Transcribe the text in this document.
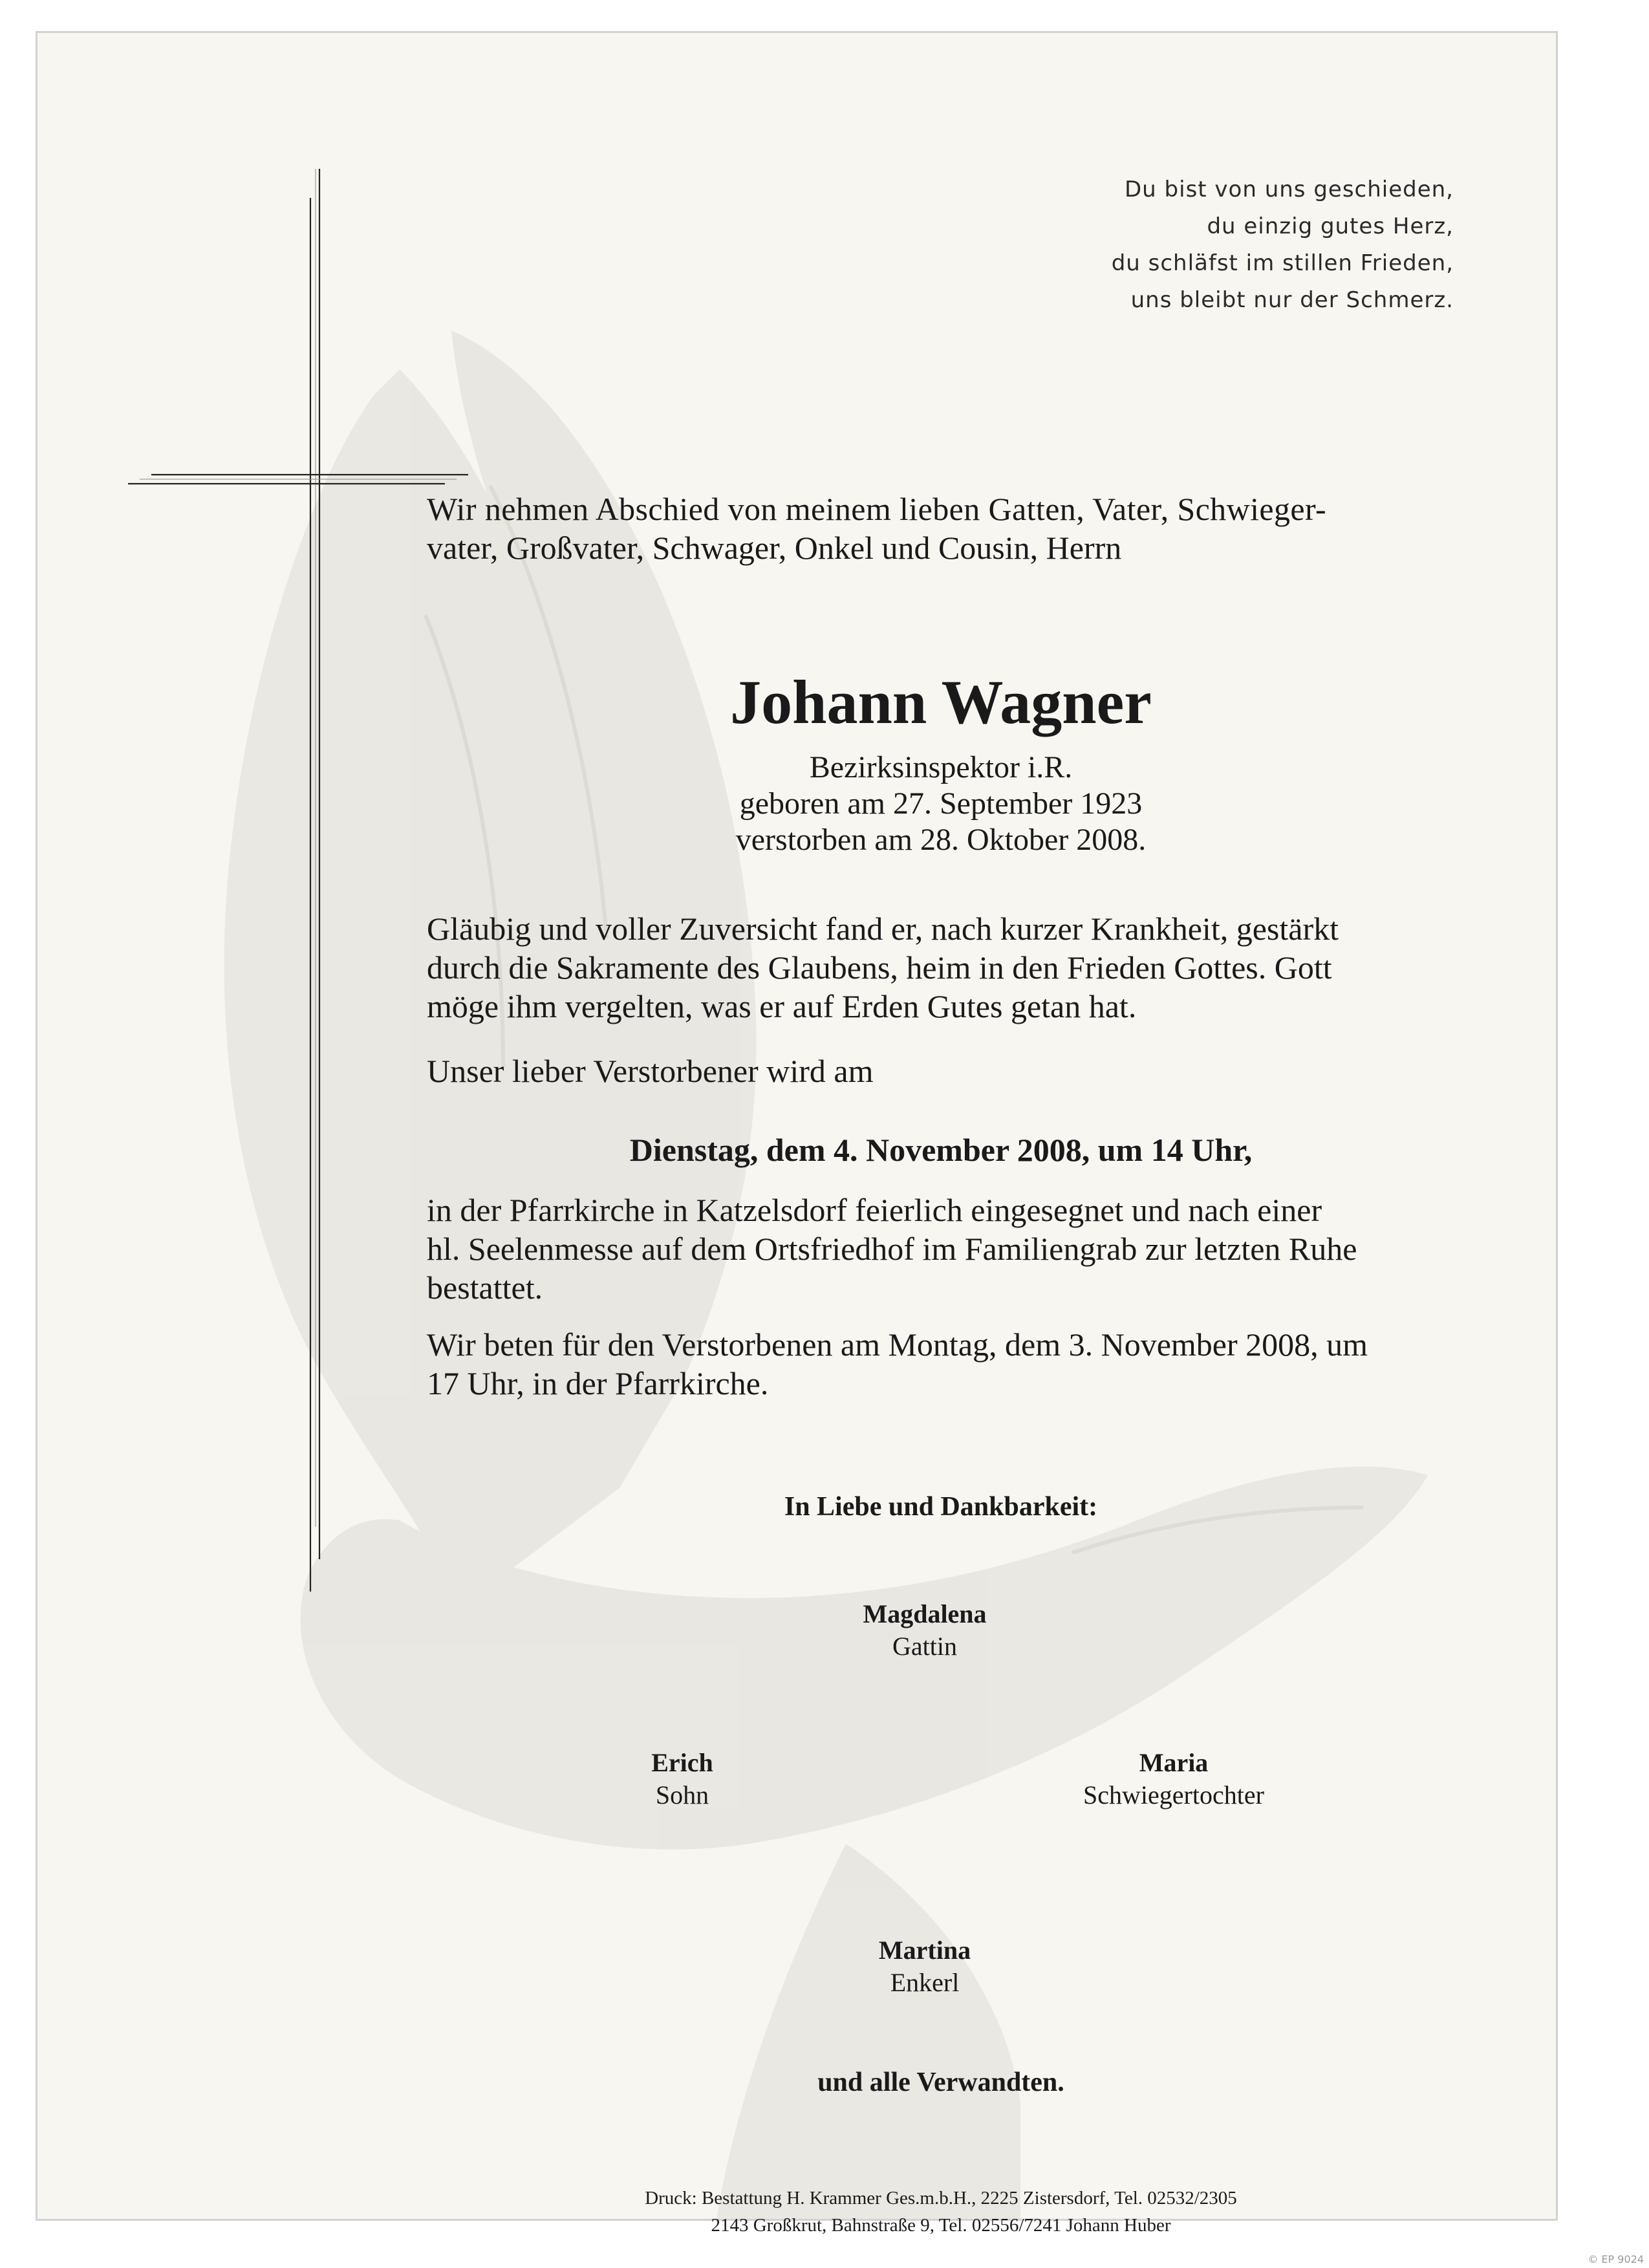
Du bist von uns geschieden,
du einzig gutes Herz,
du schläfst im stillen Frieden,
uns bleibt nur der Schmerz.
Wir nehmen Abschied von meinem lieben Gatten, Vater, Schwieger-
vater, Großvater, Schwager, Onkel und Cousin, Herrn
Johann Wagner
Bezirksinspektor i.R.
geboren am 27. September 1923
verstorben am 28. Oktober 2008.
Gläubig und voller Zuversicht fand er, nach kurzer Krankheit, gestärkt
durch die Sakramente des Glaubens, heim in den Frieden Gottes. Gott
möge ihm vergelten, was er auf Erden Gutes getan hat.
Unser lieber Verstorbener wird am
Dienstag, dem 4. November 2008, um 14 Uhr,
in der Pfarrkirche in Katzelsdorf feierlich eingesegnet und nach einer
hl. Seelenmesse auf dem Ortsfriedhof im Familiengrab zur letzten Ruhe
bestattet.
Wir beten für den Verstorbenen am Montag, dem 3. November 2008, um
17 Uhr, in der Pfarrkirche.
In Liebe und Dankbarkeit:
Magdalena
Gattin
Erich
Sohn
Maria
Schwiegertochter
Martina
Enkerl
und alle Verwandten.
Druck: Bestattung H. Krammer Ges.m.b.H., 2225 Zistersdorf, Tel. 02532/2305
2143 Großkrut, Bahnstraße 9, Tel. 02556/7241 Johann Huber
© EP 9024
